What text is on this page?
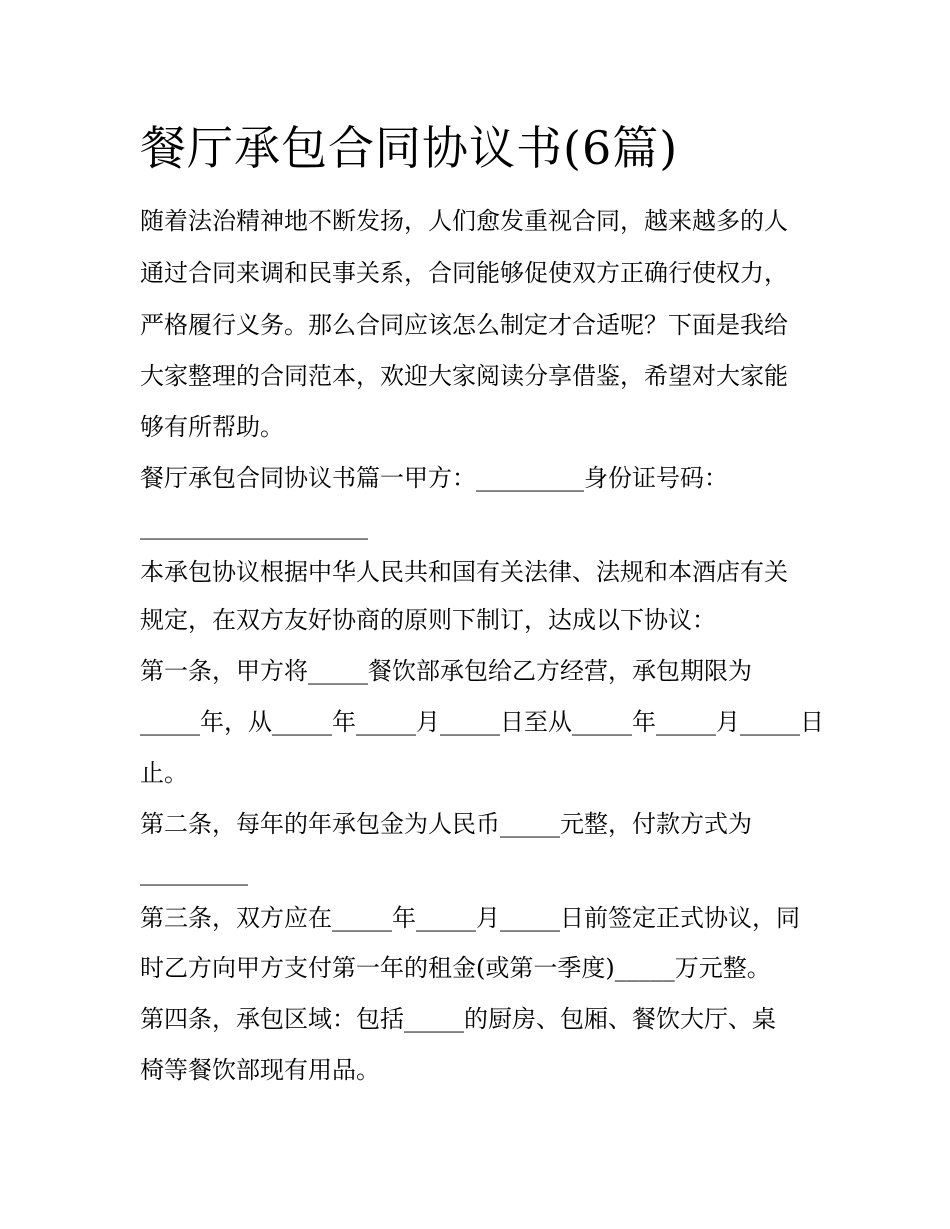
餐厅承包合同协议书(6篇)

随着法治精神地不断发扬，人们愈发重视合同，越来越多的人

通过合同来调和民事关系，合同能够促使双方正确行使权力，

严格履行义务。那么合同应该怎么制定才合适呢？下面是我给

大家整理的合同范本，欢迎大家阅读分享借鉴，希望对大家能

够有所帮助。

餐厅承包合同协议书篇一甲方：_________身份证号码：

___________________

本承包协议根据中华人民共和国有关法律、法规和本酒店有关

规定，在双方友好协商的原则下制订，达成以下协议：

第一条，甲方将_____餐饮部承包给乙方经营，承包期限为

_____年，从_____年_____月_____日至从_____年_____月_____日

止。

第二条，每年的年承包金为人民币_____元整，付款方式为

_________

第三条，双方应在_____年_____月_____日前签定正式协议，同

时乙方向甲方支付第一年的租金(或第一季度)_____万元整。

第四条，承包区域：包括_____的厨房、包厢、餐饮大厅、桌

椅等餐饮部现有用品。
